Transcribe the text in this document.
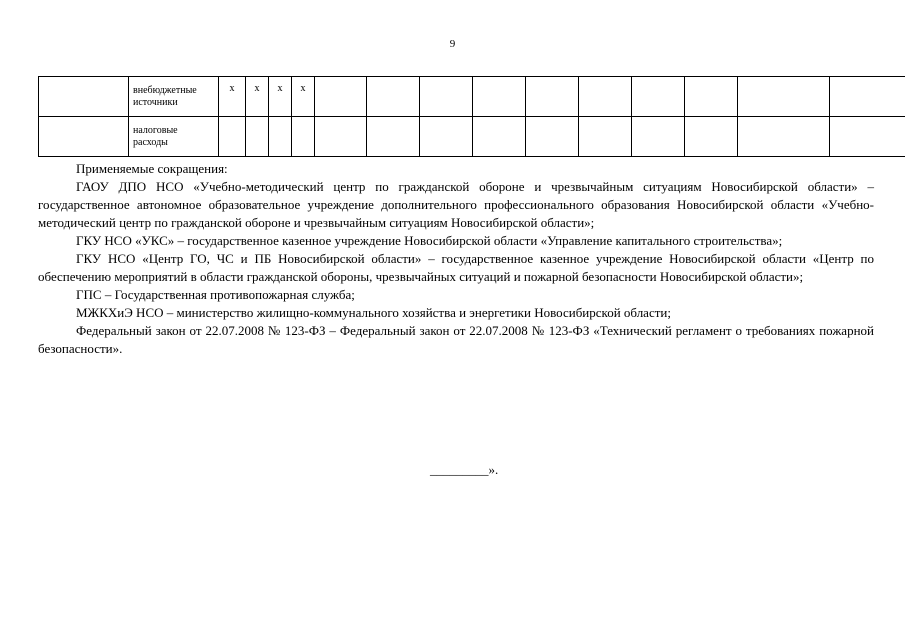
9
	внебюджетные
источники	х	х	х	х										
	налоговые
расходы														

Применяемые сокращения:

ГАОУ ДПО НСО «Учебно-методический центр по гражданской обороне и чрезвычайным ситуациям Новосибирской области» – государственное автономное образовательное учреждение дополнительного профессионального образования Новосибирской области «Учебно-методический центр по гражданской обороне и чрезвычайным ситуациям Новосибирской области»;

ГКУ НСО «УКС» – государственное казенное учреждение Новосибирской области «Управление капитального строительства»;

ГКУ НСО «Центр ГО, ЧС и ПБ Новосибирской области» – государственное казенное учреждение Новосибирской области «Центр по обеспечению мероприятий в области гражданской обороны, чрезвычайных ситуаций и пожарной безопасности Новосибирской области»;

ГПС – Государственная противопожарная служба;

МЖКХиЭ НСО – министерство жилищно-коммунального хозяйства и энергетики Новосибирской области;

Федеральный закон от 22.07.2008 № 123-ФЗ – Федеральный закон от 22.07.2008 № 123-ФЗ «Технический регламент о требованиях пожарной безопасности».

_________».
